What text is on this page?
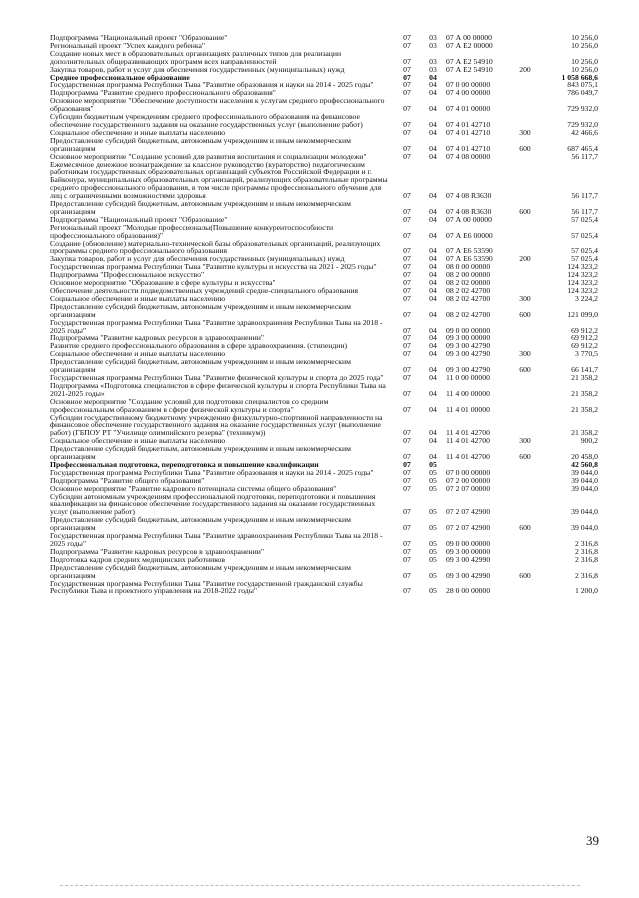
Подпрограмма "Национальный проект "Образование"	07	03	07 А 00 00000		10 256,0
Региональный проект "Успех каждого ребенка"	07	03	07 А Е2 00000		10 256,0
Создание новых мест в образовательных организациях различных типов для реализации дополнительных общеразвивающих программ всех направленностей	07	03	07 А Е2 54910		10 256,0
Закупка товаров, работ и услуг для обеспечения государственных (муниципальных) нужд	07	03	07 А Е2 54910	200	10 256,0
Среднее профессиональное образование	07	04			1 058 668,6
Государственная программа Республики Тыва "Развитие образования и науки на 2014 - 2025 годы"	07	04	07 0 00 00000		843 075,1
Подпрограмма "Развитие среднего профессионального образования"	07	04	07 4 00 00000		786 049,7
Основное мероприятие "Обеспечение доступности населения к услугам среднего профессионального образования"	07	04	07 4 01 00000		729 932,0
Субсидии бюджетным учреждениям среднего профессионального образования на финансовое обеспечение государственного задания на оказание государственных услуг (выполнение работ)	07	04	07 4 01 42710		729 932,0
Социальное обеспечение и иные выплаты населению	07	04	07 4 01 42710	300	42 466,6
Предоставление субсидий бюджетным, автономным учреждениям и иным некоммерческим организациям	07	04	07 4 01 42710	600	687 465,4
Основное мероприятие "Создание условий для развития воспитания и социализации молодежи"	07	04	07 4 08 00000		56 117,7
Ежемесячное денежное вознаграждение за классное руководство (кураторство) педагогическим работникам государственных образовательных организаций субъектов Российской Федерации и г. Байконура, муниципальных образовательных организаций, реализующих образовательные программы среднего профессионального образования, в том числе программы профессионального обучения для лиц с ограниченными возможностями здоровья	07	04	07 4 08 R3630		56 117,7
Предоставление субсидий бюджетным, автономным учреждениям и иным некоммерческим организациям	07	04	07 4 08 R3630	600	56 117,7
Подпрограмма "Национальный проект "Образование"	07	04	07 А 00 00000		57 025,4
Региональный проект "Молодые профессионалы(Повышение конкурентоспособности профессионального образования)"	07	04	07 А Е6 00000		57 025,4
Создание (обновление) материально-технической базы образовательных организаций, реализующих программы среднего профессионального образования	07	04	07 А Е6 53590		57 025,4
Закупка товаров, работ и услуг для обеспечения государственных (муниципальных) нужд	07	04	07 А Е6 53590	200	57 025,4
Государственная программа Республики Тыва "Развитие культуры и искусства на 2021 - 2025 годы"	07	04	08 0 00 00000		124 323,2
Подпрограмма "Профессиональное искусство"	07	04	08 2 00 00000		124 323,2
Основное мероприятие "Образование в сфере культуры и искусства"	07	04	08 2 02 00000		124 323,2
Обеспечение деятельности подведомственных учреждений средне-специального образования	07	04	08 2 02 42700		124 323,2
Социальное обеспечение и иные выплаты населению	07	04	08 2 02 42700	300	3 224,2
Предоставление субсидий бюджетным, автономным учреждениям и иным некоммерческим организациям	07	04	08 2 02 42700	600	121 099,0
Государственная программа Республики Тыва "Развитие здравоохранения Республики Тыва на 2018 - 2025 годы"	07	04	09 0 00 00000		69 912,2
Подпрограмма "Развитие кадровых ресурсов в здравоохранении"	07	04	09 3 00 00000		69 912,2
Развитие среднего профессионального образования в сфере здравоохранения. (стипендии)	07	04	09 3 00 42790		69 912,2
Социальное обеспечение и иные выплаты населению	07	04	09 3 00 42790	300	3 770,5
Предоставление субсидий бюджетным, автономным учреждениям и иным некоммерческим организациям	07	04	09 3 00 42790	600	66 141,7
Государственная программа Республики Тыва "Развитие физической культуры и спорта до 2025 года"	07	04	11 0 00 00000		21 358,2
Подпрограмма «Подготовка специалистов в сфере физической культуры и спорта Республики Тыва на 2021-2025 годы»	07	04	11 4 00 00000		21 358,2
Основное мероприятие "Создание условий для подготовки специалистов со средним профессиональным образованием в сфере физической культуры и спорта"	07	04	11 4 01 00000		21 358,2
Субсидии государственному бюджетному учреждению физкультурно-спортивной направленности на финансовое обеспечение государственного задания на оказание государственных услуг (выполнение работ) (ГБПОУ РТ "Училище олимпийского резерва" (техникум))	07	04	11 4 01 42700		21 358,2
Социальное обеспечение и иные выплаты населению	07	04	11 4 01 42700	300	900,2
Предоставление субсидий бюджетным, автономным учреждениям и иным некоммерческим организациям	07	04	11 4 01 42700	600	20 458,0
Профессиональная подготовка, переподготовка и повышение квалификации	07	05			42 560,8
Государственная программа Республики Тыва "Развитие образования и науки на 2014 - 2025 годы"	07	05	07 0 00 00000		39 044,0
Подпрограмма "Развитие общего образования"	07	05	07 2 00 00000		39 044,0
Основное мероприятие "Развитие кадрового потенциала системы общего образования"	07	05	07 2 07 00000		39 044,0
Субсидии автономным учреждениям профессиональной подготовки, переподготовки и повышения квалификации на финансовое обеспечение государственного задания на оказание государственных услуг (выполнение работ)	07	05	07 2 07 42900		39 044,0
Предоставление субсидий бюджетным, автономным учреждениям и иным некоммерческим организациям	07	05	07 2 07 42900	600	39 044,0
Государственная программа Республики Тыва "Развитие здравоохранения Республики Тыва на 2018 - 2025 годы"	07	05	09 0 00 00000		2 316,8
Подпрограмма "Развитие кадровых ресурсов в здравоохранении"	07	05	09 3 00 00000		2 316,8
Подготовка кадров средних медицинских работников	07	05	09 3 00 42990		2 316,8
Предоставление субсидий бюджетным, автономным учреждениям и иным некоммерческим организациям	07	05	09 3 00 42990	600	2 316,8
Государственная программа Республики Тыва "Развитие государственной гражданской службы Республики Тыва и проектного управления на 2018-2022 годы"	07	05	28 0 00 00000		1 200,0
39
